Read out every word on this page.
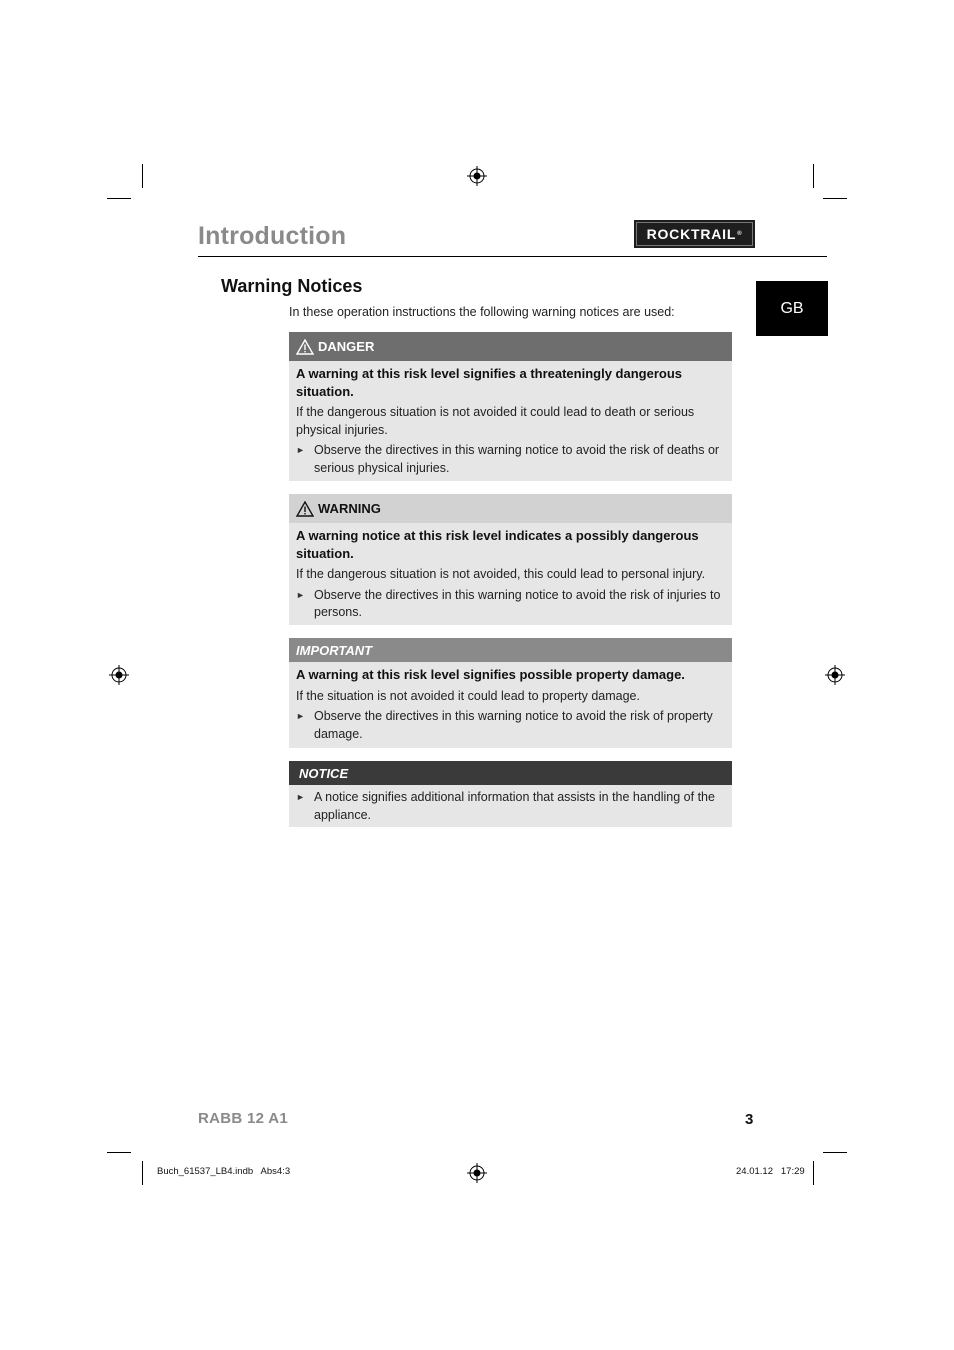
Introduction	ROCKTRAIL ®
GB
Warning Notices
In these operation instructions the following warning notices are used:
DANGER

A warning at this risk level signifies a threateningly dangerous situation.

If the dangerous situation is not avoided it could lead to death or serious physical injuries.

► Observe the directives in this warning notice to avoid the risk of deaths or serious physical injuries.
WARNING

A warning notice at this risk level indicates a possibly dangerous situation.

If the dangerous situation is not avoided, this could lead to personal injury.

► Observe the directives in this warning notice to avoid the risk of injuries to persons.
IMPORTANT

A warning at this risk level signifies possible property damage.

If the situation is not avoided it could lead to property damage.

► Observe the directives in this warning notice to avoid the risk of property damage.
NOTICE
► A notice signifies additional information that assists in the handling of the appliance.
RABB 12 A1	3
Buch_61537_LB4.indb   Abs4:3	24.01.12   17:29
